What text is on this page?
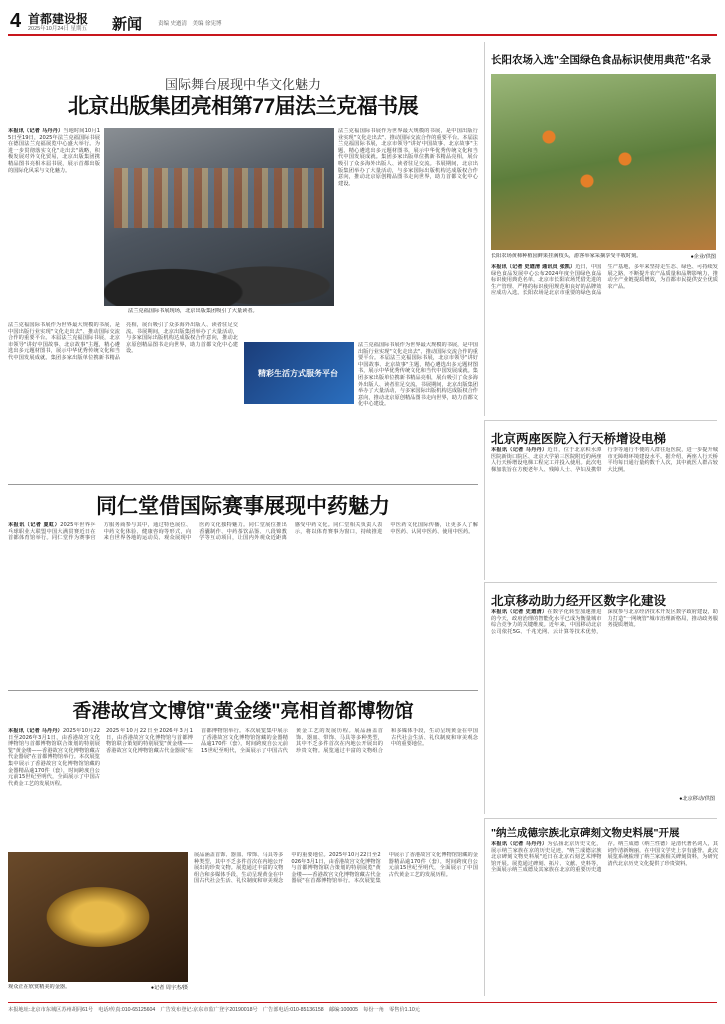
4 首都建设报
2025年10月24日 星期五 新闻	责编 史遒清　美编 徐宪博
国际舞台展现中华文化魅力
北京出版集团亮相第77届法兰克福书展
本报讯（记者 马丹丹）当地时间10月15日至19日，2025年法兰克福国际书展在德国法兰克福展览中心盛大举行。为进一步贯彻落实文化"走出去"战略，积极发展对外文化贸易，北京出版集团携精品图书亮相本届书展，展示首都出版的国际化风采与文化魅力。
法兰克福国际书展现场，北京出版集团吸引了大量读者。
法兰克福国际书展作为世界最大规模的书展，是中国出版行业实现"文化走出去"、推动国际交流合作的重要平台。本届法兰克福国际书展，北京市领导"讲好中国故事、北京故事"主题，精心遴选出多元题材图书，展示中华优秀传统文化和当代中国发展成就。集团多家出版单位携新书精品亮相，展台吸引了众多海外出版人、读者驻足交流。书展期间，北京出版集团举办了大量活动，与多家国际出版机构达成版权合作意向，推动北京原创精品图书走向世界，助力首都文化中心建设。
法兰克福国际书展作为世界最大规模的书展，是中国出版行业实现"文化走出去"、推动国际交流合作的重要平台。本届法兰克福国际书展，北京市领导"讲好中国故事、北京故事"主题，精心遴选出多元题材图书，展示中华优秀传统文化和当代中国发展成就。集团多家出版单位携新书精品亮相，展台吸引了众多海外出版人、读者驻足交流。书展期间，北京出版集团举办了大量活动，与多家国际出版机构达成版权合作意向，推动北京原创精品图书走向世界，助力首都文化中心建设。
精彩生活方式服务平台
法兰克福国际书展作为世界最大规模的书展，是中国出版行业实现"文化走出去"、推动国际交流合作的重要平台。本届法兰克福国际书展，北京市领导"讲好中国故事、北京故事"主题，精心遴选出多元题材图书，展示中华优秀传统文化和当代中国发展成就。集团多家出版单位携新书精品亮相，展台吸引了众多海外出版人、读者驻足交流。书展期间，北京出版集团举办了大量活动，与多家国际出版机构达成版权合作意向，推动北京原创精品图书走向世界，助力首都文化中心建设。
长阳农场入选"全国绿色食品标识使用典范"名录
长阳农场黄柿种植园鲜果挂满枝头，游客举家采摘享受丰收时刻。	●企业/供图
本报讯（记者 史遒清 通讯员 张凯）近日，中国绿色食品发展中心公布2024年度全国绿色食品标识使用典范名单，北京市长阳农场凭借先进的生产管理、严格的标识使用规范和良好的品牌效应成功入选。长阳农场是北京市重要的绿色食品生产基地，多年来坚持走生态、绿色、可持续发展之路，不断提升农产品质量和品牌影响力，推动全产业链提质增效，为首都市民提供安全优质农产品。
同仁堂借国际赛事展现中药魅力
本报讯（记者 夏虹）2025年世界乒乓球职业大联盟中国大满贯赛近日在首都体育馆举行。同仁堂作为赛事官方服务商参与其中，通过特色展位、中药文化体验、健康咨询等形式，向来自世界各地的运动员、观众展现中医药文化独特魅力。同仁堂展位推出香囊制作、中药茶饮品鉴、八段锦教学等互动项目，让国内外观众近距离感受中药文化。同仁堂相关负责人表示，将以体育赛事为窗口，持续推进中医药文化国际传播，让更多人了解中医药、认同中医药、使用中医药。
北京两座医院入行天桥增设电梯
本报讯（记者 马丹丹）近日，位于北京积水潭医院新街口院区、北京大学第三医院附近的两座人行天桥增设电梯工程完工并投入使用。此次电梯加装旨在方便老年人、残障人士、孕妇及携带行李等通行不便的人群往返医院，进一步提升城市无障碍环境建设水平。据介绍，两座人行天桥平均每日通行量约数千人次，其中就医人群占较大比例。
北京移动助力经开区数字化建设
本报讯（记者 史遒清）在数字化转型加速推进的今天，政府治理的智能化水平已成为衡量城市综合竞争力的关键维度。近年来，中国移动北京公司依托5G、千兆光网、云计算等技术优势，深度参与北京经济技术开发区数字政府建设，助力打造"一网统管"城市治理新格局，推动政务服务提质增效。
●北京移动/供图
香港故宫文博馆"黄金缕"亮相首都博物馆
本报讯（记者 马丹丹）2025年10月22日至2026年3月1日，由香港故宫文化博物馆与首都博物馆联合策划的特别展览"黄金缕——香港故宫文化博物馆藏古代金器展"在首都博物馆举行。本次展览集中展示了香港故宫文化博物馆馆藏的金器精品逾170件（套），时间跨度自公元前15世纪至明代，全面展示了中国古代黄金工艺的发展历程。
观众正在欣赏精美的金器。	●记者 周宇杰/摄
2025年10月22日至2026年3月1日，由香港故宫文化博物馆与首都博物馆联合策划的特别展览"黄金缕——香港故宫文化博物馆藏古代金器展"在首都博物馆举行。本次展览集中展示了香港故宫文化博物馆馆藏的金器精品逾170件（套），时间跨度自公元前15世纪至明代，全面展示了中国古代黄金工艺的发展历程。展品涵盖首饰、器皿、带饰、马具等多种类型，其中不乏多件首次在内地公开展出的珍贵文物。展览通过丰富的文物组合和多媒体手段，生动呈现黄金在中国古代社会生活、礼仪制度和审美观念中的重要地位。
展品涵盖首饰、器皿、带饰、马具等多种类型，其中不乏多件首次在内地公开展出的珍贵文物。展览通过丰富的文物组合和多媒体手段，生动呈现黄金在中国古代社会生活、礼仪制度和审美观念中的重要地位。2025年10月22日至2026年3月1日，由香港故宫文化博物馆与首都博物馆联合策划的特别展览"黄金缕——香港故宫文化博物馆藏古代金器展"在首都博物馆举行。本次展览集中展示了香港故宫文化博物馆馆藏的金器精品逾170件（套），时间跨度自公元前15世纪至明代，全面展示了中国古代黄金工艺的发展历程。
"纳兰成德宗族北京碑刻文物史料展"开展
本报讯（记者 马丹丹）为弘扬北京历史文化，展示纳兰家族在京的历史足迹，"纳兰成德宗族北京碑刻文物史料展"近日在北京石刻艺术博物馆开展。展览通过碑刻、拓片、文献、史料等，全面展示纳兰成德及其家族在北京的重要历史遗存。纳兰成德（纳兰性德）是清代著名词人，其词作清新婉丽，在中国文学史上享有盛誉。此次展览系统梳理了纳兰家族相关碑刻资料，为研究清代北京历史文化提供了珍贵资料。
本报地址:北京市东城区苏州胡同61号　电话/传真:010-65125604　广告发布登记:京东市监广登字20190018号　广告部电话:010-85136158　邮编:100005　每份一角　零售价1.10元
